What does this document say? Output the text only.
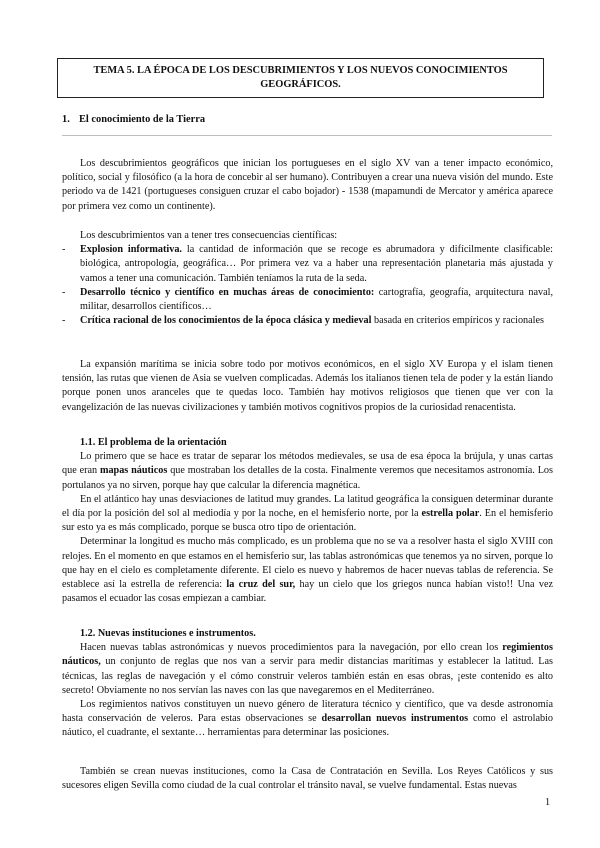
TEMA 5. LA ÉPOCA DE LOS DESCUBRIMIENTOS Y LOS NUEVOS CONOCIMIENTOS
GEOGRÁFICOS.
1. El conocimiento de la Tierra

Los descubrimientos geográficos que inician los portugueses en el siglo XV van a tener impacto económico, político, social y filosófico (a la hora de concebir al ser humano). Contribuyen a crear una nueva visión del mundo. Este periodo va de 1421 (portugueses consiguen cruzar el cabo bojador) - 1538 (mapamundi de Mercator y américa aparece por primera vez como un continente).

Los descubrimientos van a tener tres consecuencias científicas:

- Explosion informativa. la cantidad de información que se recoge es abrumadora y difícilmente clasificable: biológica, antropología, geográfica… Por primera vez va a haber una representación planetaria más ajustada y vamos a tener una comunicación. También teníamos la ruta de la seda.
- Desarrollo técnico y científico en muchas áreas de conocimiento: cartografía, geografía, arquitectura naval, militar, desarrollos científicos…
- Crítica racional de los conocimientos de la época clásica y medieval basada en criterios empíricos y racionales

La expansión marítima se inicia sobre todo por motivos económicos, en el siglo XV Europa y el islam tienen tensión, las rutas que vienen de Asia se vuelven complicadas. Además los italianos tienen tela de poder y la están liando porque ponen unos aranceles que te quedas loco. También hay motivos religiosos que tienen que ver con la evangelización de las nuevas civilizaciones y también motivos cognitivos propios de la curiosidad renacentista.

1.1. El problema de la orientación

Lo primero que se hace es tratar de separar los métodos medievales, se usa de esa época la brújula, y unas cartas que eran mapas náuticos que mostraban los detalles de la costa. Finalmente veremos que necesitamos astronomía. Los portulanos ya no sirven, porque hay que calcular la diferencia magnética.

En el atlántico hay unas desviaciones de latitud muy grandes. La latitud geográfica la consiguen determinar durante el día por la posición del sol al mediodía y por la noche, en el hemisferio norte, por la estrella polar. En el hemisferio sur esto ya es más complicado, porque se busca otro tipo de orientación.

Determinar la longitud es mucho más complicado, es un problema que no se va a resolver hasta el siglo XVIII con relojes. En el momento en que estamos en el hemisferio sur, las tablas astronómicas que tenemos ya no sirven, porque lo que hay en el cielo es completamente diferente. El cielo es nuevo y habremos de hacer nuevas tablas de referencia. Se establece así la estrella de referencia: la cruz del sur, hay un cielo que los griegos nunca habían visto!! Una vez pasamos el ecuador las cosas empiezan a cambiar.

1.2. Nuevas instituciones e instrumentos.

Hacen nuevas tablas astronómicas y nuevos procedimientos para la navegación, por ello crean los regimientos náuticos, un conjunto de reglas que nos van a servir para medir distancias marítimas y establecer la latitud. Las técnicas, las reglas de navegación y el cómo construir veleros también están en esas obras, ¡este contenido es alto secreto! Obviamente no nos servían las naves con las que navegaremos en el Mediterráneo.

Los regimientos nativos constituyen un nuevo género de literatura técnico y científico, que va desde astronomía hasta conservación de veleros. Para estas observaciones se desarrollan nuevos instrumentos como el astrolabio náutico, el cuadrante, el sextante… herramientas para determinar las posiciones.

También se crean nuevas instituciones, como la Casa de Contratación en Sevilla. Los Reyes Católicos y sus sucesores eligen Sevilla como ciudad de la cual controlar el tránsito naval, se vuelve fundamental. Estas nuevas

1
